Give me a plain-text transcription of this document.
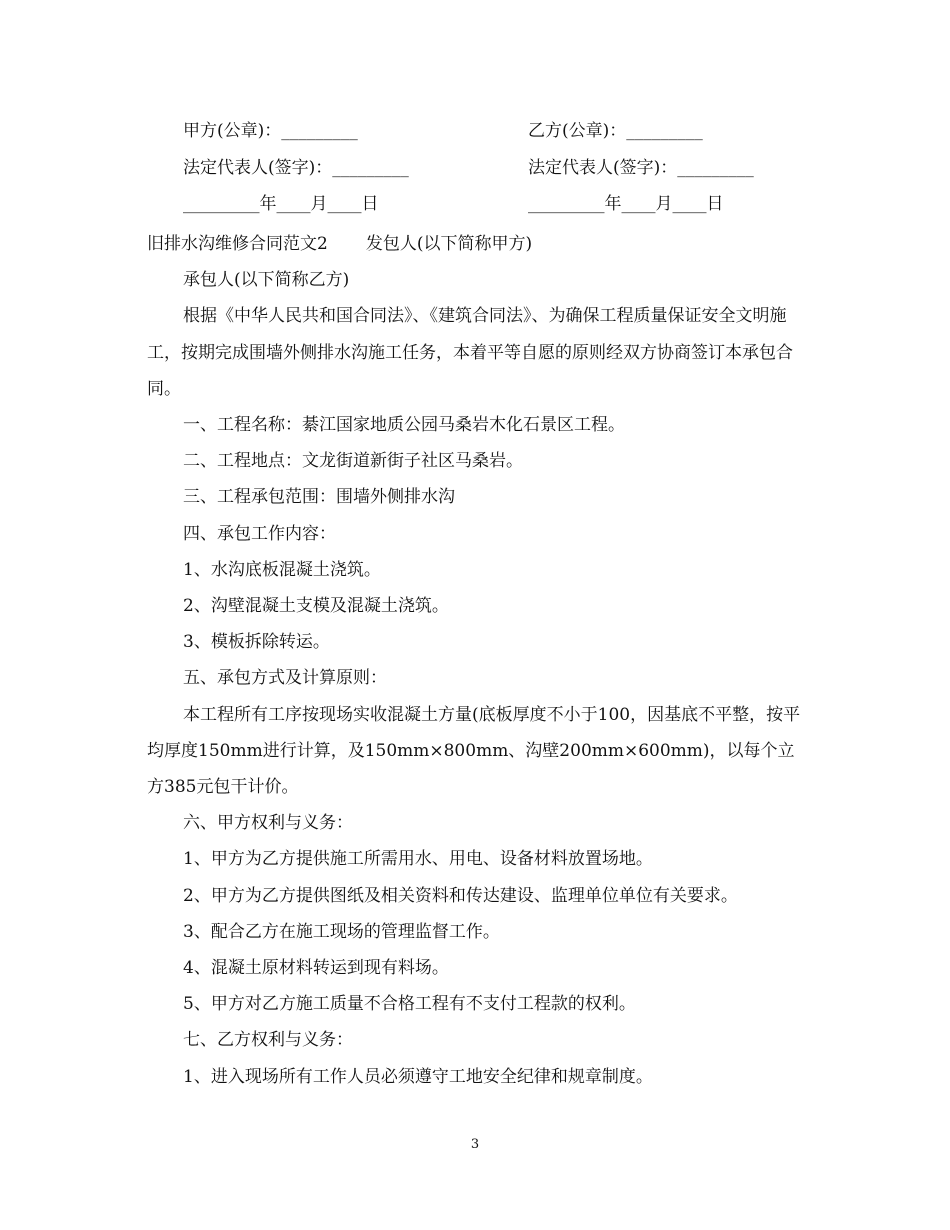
甲方(公章)：_________	乙方(公章)：_________
法定代表人(签字)：_________	法定代表人(签字)：_________
_________年____月____日	_________年____月____日

旧排水沟维修合同范文2 发包人(以下简称甲方)

承包人(以下简称乙方)

根据《中华人民共和国合同法》、《建筑合同法》、为确保工程质量保证安全文明施工，按期完成围墙外侧排水沟施工任务，本着平等自愿的原则经双方协商签订本承包合同。

一、工程名称：綦江国家地质公园马桑岩木化石景区工程。

二、工程地点：文龙街道新街子社区马桑岩。

三、工程承包范围：围墙外侧排水沟

四、承包工作内容：

1、水沟底板混凝土浇筑。

2、沟壁混凝土支模及混凝土浇筑。

3、模板拆除转运。

五、承包方式及计算原则：

本工程所有工序按现场实收混凝土方量(底板厚度不小于100，因基底不平整，按平均厚度150mm进行计算，及150mm×800mm、沟壁200mm×600mm)，以每个立方385元包干计价。

六、甲方权利与义务：

1、甲方为乙方提供施工所需用水、用电、设备材料放置场地。

2、甲方为乙方提供图纸及相关资料和传达建设、监理单位单位有关要求。

3、配合乙方在施工现场的管理监督工作。

4、混凝土原材料转运到现有料场。

5、甲方对乙方施工质量不合格工程有不支付工程款的权利。

七、乙方权利与义务：

1、进入现场所有工作人员必须遵守工地安全纪律和规章制度。

3
